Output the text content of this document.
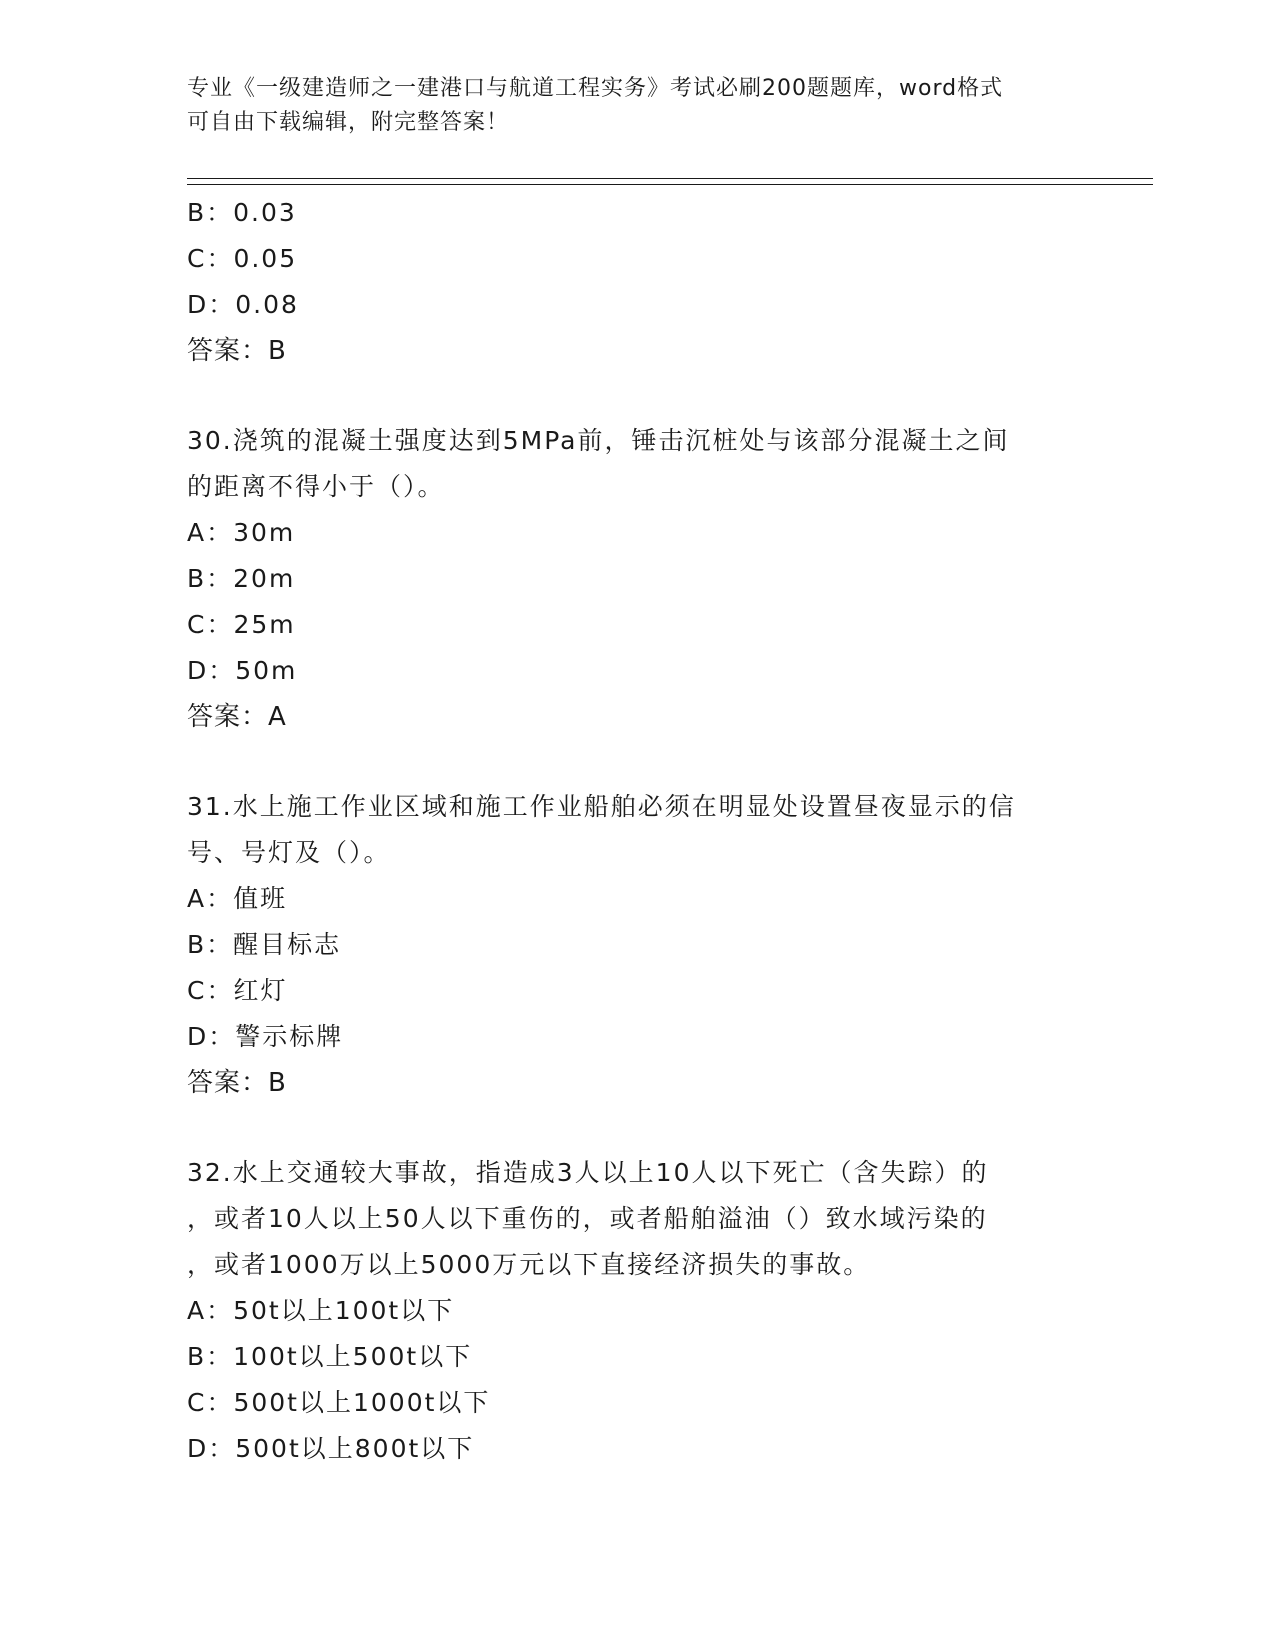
专业《一级建造师之一建港口与航道工程实务》考试必刷200题题库，word格式
可自由下载编辑，附完整答案！
B：0.03
C：0.05
D：0.08
答案：B
30.浇筑的混凝土强度达到5MPa前，锤击沉桩处与该部分混凝土之间
的距离不得小于（）。
A：30m
B：20m
C：25m
D：50m
答案：A
31.水上施工作业区域和施工作业船舶必须在明显处设置昼夜显示的信
号、号灯及（）。
A：值班
B：醒目标志
C：红灯
D：警示标牌
答案：B
32.水上交通较大事故，指造成3人以上10人以下死亡（含失踪）的
，或者10人以上50人以下重伤的，或者船舶溢油（）致水域污染的
，或者1000万以上5000万元以下直接经济损失的事故。
A：50t以上100t以下
B：100t以上500t以下
C：500t以上1000t以下
D：500t以上800t以下
